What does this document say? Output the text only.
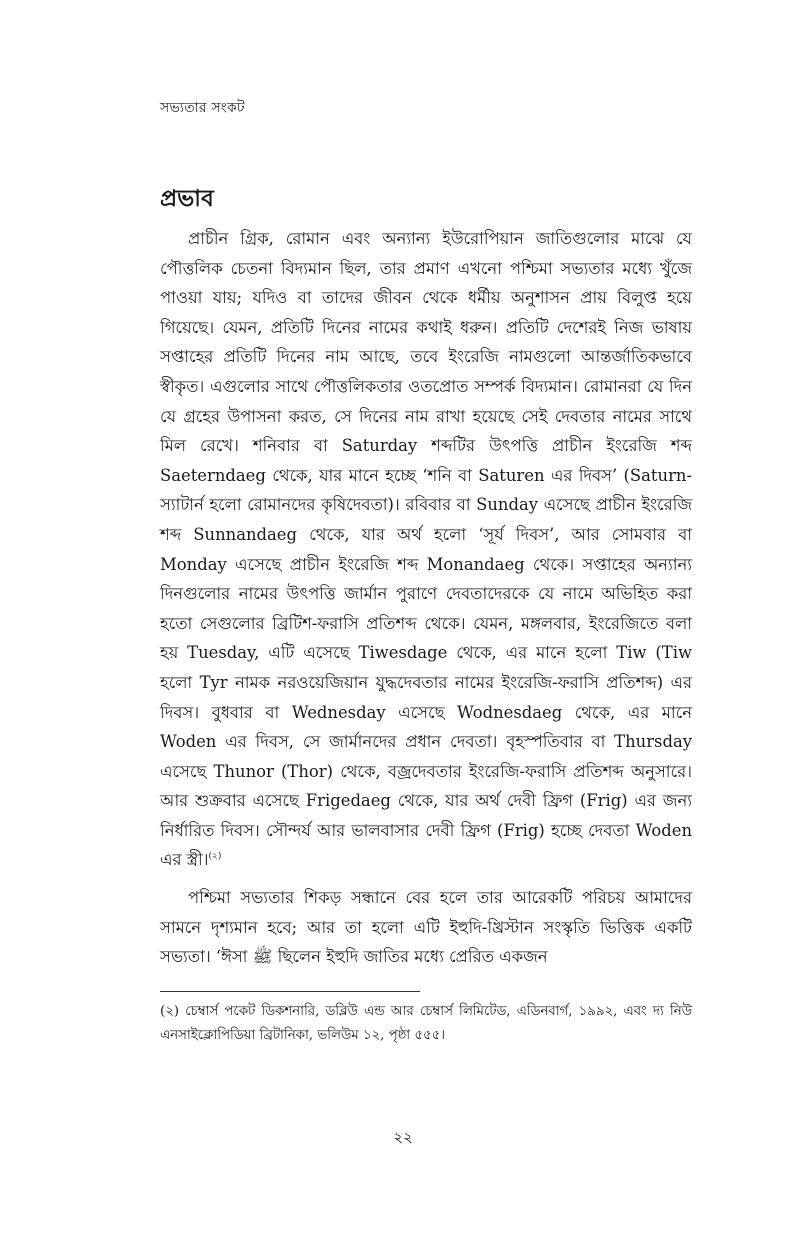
সভ্যতার সংকট
প্রভাব

প্রাচীন গ্রিক, রোমান এবং অন্যান্য ইউরোপিয়ান জাতিগুলোর মাঝে যে পৌত্তলিক চেতনা বিদ্যমান ছিল, তার প্রমাণ এখনো পশ্চিমা সভ্যতার মধ্যে খুঁজে পাওয়া যায়; যদিও বা তাদের জীবন থেকে ধর্মীয় অনুশাসন প্রায় বিলুপ্ত হয়ে গিয়েছে। যেমন, প্রতিটি দিনের নামের কথাই ধরুন। প্রতিটি দেশেরই নিজ ভাষায় সপ্তাহের প্রতিটি দিনের নাম আছে, তবে ইংরেজি নামগুলো আন্তর্জাতিকভাবে স্বীকৃত। এগুলোর সাথে পৌত্তলিকতার ওতপ্রোত সম্পর্ক বিদ্যমান। রোমানরা যে দিন যে গ্রহের উপাসনা করত, সে দিনের নাম রাখা হয়েছে সেই দেবতার নামের সাথে মিল রেখে। শনিবার বা Saturday শব্দটির উৎপত্তি প্রাচীন ইংরেজি শব্দ Saeterndaeg থেকে, যার মানে হচ্ছে ‘শনি বা Saturen এর দিবস’ (Saturn-স্যাটার্ন হলো রোমানদের কৃষিদেবতা)। রবিবার বা Sunday এসেছে প্রাচীন ইংরেজি শব্দ Sunnandaeg থেকে, যার অর্থ হলো ‘সূর্য দিবস’, আর সোমবার বা Monday এসেছে প্রাচীন ইংরেজি শব্দ Monandaeg থেকে। সপ্তাহের অন্যান্য দিনগুলোর নামের উৎপত্তি জার্মান পুরাণে দেবতাদেরকে যে নামে অভিহিত করা হতো সেগুলোর ব্রিটিশ-ফরাসি প্রতিশব্দ থেকে। যেমন, মঙ্গলবার, ইংরেজিতে বলা হয় Tuesday, এটি এসেছে Tiwesdage থেকে, এর মানে হলো Tiw (Tiw হলো Tyr নামক নরওয়েজিয়ান যুদ্ধদেবতার নামের ইংরেজি-ফরাসি প্রতিশব্দ) এর দিবস। বুধবার বা Wednesday এসেছে Wodnesdaeg থেকে, এর মানে Woden এর দিবস, সে জার্মানদের প্রধান দেবতা। বৃহস্পতিবার বা Thursday এসেছে Thunor (Thor) থেকে, বজ্রদেবতার ইংরেজি-ফরাসি প্রতিশব্দ অনুসারে। আর শুক্রবার এসেছে Frigedaeg থেকে, যার অর্থ দেবী ফ্রিগ (Frig) এর জন্য নির্ধারিত দিবস। সৌন্দর্য আর ভালবাসার দেবী ফ্রিগ (Frig) হচ্ছে দেবতা Woden এর স্ত্রী।$^{(২)}$

পশ্চিমা সভ্যতার শিকড় সন্ধানে বের হলে তার আরেকটি পরিচয় আমাদের সামনে দৃশ্যমান হবে; আর তা হলো এটি ইহুদি-খ্রিস্টান সংস্কৃতি ভিত্তিক একটি সভ্যতা। ‘ঈসা ﷺ ছিলেন ইহুদি জাতির মধ্যে প্রেরিত একজন

(২) চেম্বার্স পকেট ডিকশনারি, ডব্লিউ এন্ড আর চেম্বার্স লিমিটেড, এডিনবার্গ, ১৯৯২, এবং দ্য নিউ এনসাইক্লোপিডিয়া ব্রিটানিকা, ভলিউম ১২, পৃষ্ঠা ৫৫৫।

২২
